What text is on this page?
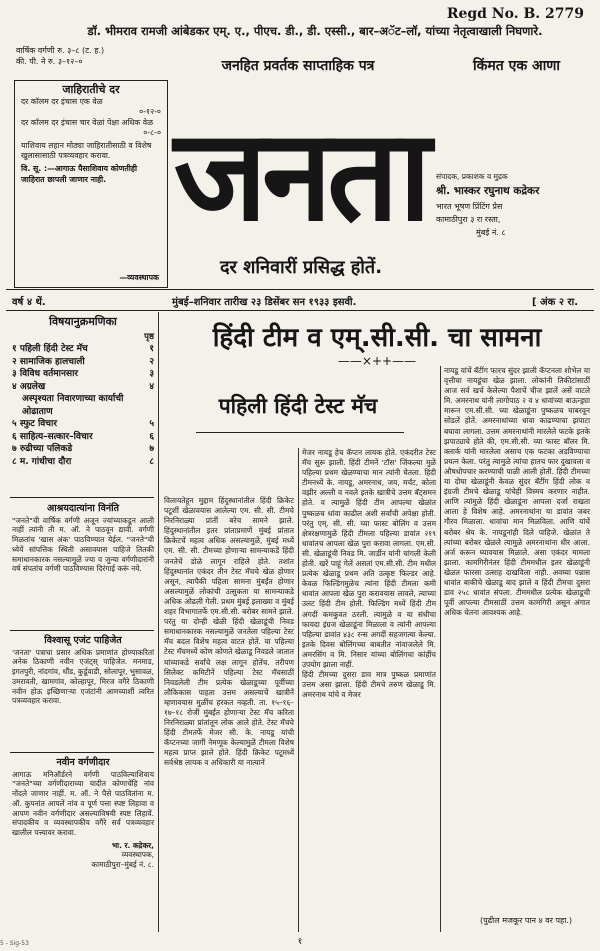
Regd No. B. 2779
डॉ. भीमराव रामजी आंबेडकर एम्. ए., पीएच. डी., डी. एस्सी., बार–अॅट–लॉ, यांच्या नेतृत्वाखाली निघणारे.
वार्षिक वर्गणी रु. ३–८ (ट. ह.)
की. पी. ने रु. ३–१२–०	जनहित प्रवर्तक साप्ताहिक पत्र	किंमत एक आणा
जाहिरातीचे दर
दर कॉलम दर इंचास एक वेळ
०-१२-०
दर कॉलम दर इंचास चार वेळां पेक्षा अधिक वेळ
०-८-०
याशिवाय लहान मोठ्या जाहिरातीसाठी व विशेष खुलासासाठी पत्रव्यवहार करावा.
वि. सू. :—आगाऊ पैसाशिवाय कोणतीही जाहिरात छापली जाणार नाही.
—व्यवस्थापक
जनता
दर शनिवारीं प्रसिद्ध होतें.
संपादक, प्रकाशक व मुद्रक
श्री. भास्कर रघुनाथ कद्रेकर
भारत भूषण प्रिंटिंग प्रेस
कामाठीपुरा ३ रा रस्ता,
मुंबई नं. ८
वर्ष ४ थें.	मुंबई–शनिवार तारीख २३ डिसेंबर सन १९३३ इसवी.	[ अंक २ रा.
विषयानुक्रमणिका
पृष्ठ
१ पहिली हिंदी टेस्ट मॅच	१
२ सामाजिक हालचाली	२
३ विविध वर्तमानसार	३
४ अग्रलेख	४
अस्पृश्यता निवारणाच्या कार्याची ओढाताण
५ स्फुट विचार	५
६ साहित्य–सत्कार–विचार	६
७ रुढीच्या पलिकडे	७
८ म. गांधीचा दौरा	८
आश्रयदात्यांना विनंति
"जनते"ची वार्षिक वर्गणी अजून ज्यांच्याकडून आली नाहीं त्यांनी ती म. ऑ. ने पाठवून द्यावी. वर्गणी मिळतांच 'खास अंक' पाठविण्यात येईल. "जनते"ची ध्येयें सांपत्तिक स्थिती असावयास पाहिजे तितकी समाधानकारक नसल्यामुळें ज्या व जुन्या वर्गणीदारांनी वर्ष संपतांच वर्गणी पाठविण्यास दिरंगाई करूं नये.
विश्वासू एजंट पाहिजेत
'जनता' पत्राचा प्रसार अधिक प्रमाणांत होण्याकरितां अनेक ठिकाणी नवीन एजंट्स् पाहिजेत. मनमाड, इगतपुरी, नांदगांव, धौंड, कुर्डूवाडी, सोलापूर, भुसावळ, उमरावती, खामगांव, कोल्हापूर, मिरज वगैरे ठिकाणी नवीन होऊ इच्छिणाऱ्या एजंटांनी आमच्याशीं त्वरित पत्रव्यवहार करावा.
नवीन वर्गणीदार
आगाऊ मनिऑर्डरने वर्गणी पाठविल्याशिवाय "जनते"च्या वर्गणीदाराच्या यादीत कोणाचेंहि नांव नोंदले जाणार नाहीं. म. ऑ. ने पैसे पाठवितांना म. ऑ. कुपनांत आपलें नांव व पूर्ण पत्ता स्पष्ट लिहावा व आपण नवीन वर्गणीदार असल्याविषयी स्पष्ट लिहावें. संपादकीय व व्यवस्थापकीय वगैरे सर्व पत्रव्यवहार खालील पत्त्यावर करावा.
भा. र. कद्रेकर,
व्यवस्थापक,
कामाठीपुरा–मुंबई नं. ८.
हिंदी टीम व एम्.सी.सी. चा सामना
——×++——
पहिली हिंदी टेस्ट मॅच
विलायतेहून मुद्दाम हिंदुस्थानांतील हिंदी क्रिकेट पटूशीं खेळावयास आलेल्या एम. सी. सी. टीमचे निरनिराळ्या प्रांतीं बरेच सामने झाले. हिंदुस्थानांतील इतर प्रांताप्रमाणें मुंबई प्रांतात क्रिकेटचें महत्व अधिक असल्यामुळें, मुंबई मध्यें एम. सी. सी. टीमच्या होणाऱ्या सामन्याकडें हिंदी जनतेचें डोळे लागून राहिले होते. तशांत हिंदुस्थानांत एकंदर तीन टेस्ट मॅचचे खेळ होणार असून, त्यापैकी पहिला सामना मुंबईंत होणार असल्यामुळें लोकांची उत्सुकता या सामन्याकडे अधिक ओढली गेली. प्रथम मुंबई इलाख्या व मुंबई शहर विभागातर्फे एम.सी.सी. बरोबर सामने झाले. परंतु या दोन्ही खेळी हिंदी खेळाडूंची निवड समाधानकारक नसल्यामुळें जनतेला पहिल्या टेस्ट मॅच बदल विशेष महत्व वाटत होतें. या पहिल्या टेस्ट मॅचमध्यें कोण कोणते खेळाडू निवडले जातात यांच्याकडे सर्वांचे लक्ष लागून होतेंच. तरीपण सिलेक्ट कमिटीनें पहिल्या टेस्ट मॅचसाठीं निवडलेली टीम प्रत्येक खेळाडूच्या पूर्वीच्या लौकिकास पाहता उत्तम असल्याचें खात्रीनें म्हणावयास मुळींच हरकत नव्हती. ता. १५–१६–१७–१८ रोजीं मुंबईंत होणाऱ्या टेस्ट मॅच करिता निरनिराळ्या प्रांतांतून लोक आले होते. टेस्ट मॅचचे हिंदी टीमतर्फे मेजर सी. के. नायडू यांची कॅप्टनच्या जागीं नेमणूक केल्यामुळें टीमला विशेष महत्व प्राप्त झाले होते. हिंदी क्रिकेट पटूमध्यें सर्वश्रेष्ठ लायक व अधिकारी या नात्यानें
मेजर नायडू हेच कॅप्टन लायक होते. एकंदरीत टेस्ट मॅच सुरू झाली. हिंदी टीमनें 'टॉस' जिंकल्या मुळें पहिल्या प्रथम खेळण्याचा मान त्यांनी घेतला. हिंदी टीमनध्यें के. नायडू, अमरनाथ, जय, मर्चंट, कोला वझीर अल्ली व नवले इतके खात्रीचे उत्तम बॅट्समन होते. व त्यामुळें हिंदी टीम आपल्या खेळांत पुष्कळच धांवा काढील अशी सर्वांची अपेक्षा होती. परंतु एम्. सी. सी. च्या फास्ट बोलिंग व उत्तम क्षेत्ररक्षणामुळें हिंदी टीमला पहिल्या डावांत २१९ धावांतच आपला खेळ पुरा करावा लागला. एम.सी. सी. खेळाडूंची निवड मि. जार्डीन यांनी चांगली केली होती. खरें पाहूं गेलें असतां एम.सी.सी. टीम मधील प्रत्येक खेळाडू प्रथम अति उत्कृष्ट फिल्डर आहे. केवळ फिल्डिंगमुळेच त्यांना हिंदी टीमला कमी धावांत आपला खेळ पुरा करावयास लावले, त्याच्या उलट हिंदी टीम होती. फिल्डिंग मध्यें हिंदी टीम अगदीं कमकुवत ठरली. त्यामुळे व या संधीचा फायदा इंग्रज खेळाडूंना मिळाला व त्यांनी आपल्या पहिल्या डावांत ४३८ रन्स अगदीं सहजगत्या केल्या. इतके दिवस बोलिंगच्या बाबतीत नांवाजलेले मि. अमरसिंग व मि. निसार यांच्या बोलिंगचा कांहींच उपयोग झाला नाहीं.
हिंदी टीमच्या दुसरा डाव मात्र पुष्कळ प्रमाणांत उत्तम असा झाला. हिंदी टीमचे तरुण खेळाडू मि. अमरनाथ यांचे व मेजर
नायडू यांचें बॅटींग फारच सुंदर झाली कॅप्टनला शोभेल या वृत्तीचा नायडूंचा खेळ झाला. लोकांनी तिकीटांसाठीं आज सर्व खर्च केलेल्या पैशाचें चीज झालें असें वाटले मि. अमरनाथ यांनी लागोपाठ २ व ४ धावांच्या बाऊन्ड्र्या मारून एम.सी.सी. च्या खेळाडूंना पुष्कळच घाबरवून सोडलें होतें. अमरनाथांच्या धावा काढण्याचा झपाटा बघावा लागला. उत्तम अमरनाथांनी मारलेले फटके इतके झपाट्याचे होते की, एम.सी.सी. च्या फास्ट बॉलर मि. क्लार्क यांनी मारलेला असाच एक फटका अडविण्याचा प्रयत्न केला. परंतु त्यामुळे त्यांचा हातच फार दुखावला व औषधोपचार करण्याची पाळी आली होती. हिंदी टीमच्या या दोघा खेळाडूंनी केवळ सुंदर बॅटींग हिंदी लोक व इंग्रजी टीमचे खेळाडू यांचेही विस्मय करणार नाहीत. आणि त्यांमुळे हिंदी खेळाडूंना आपला दर्जा राखता आला हे विशेष आहे. अमरनाथांना या डावांत जबर गौरव मिळाला. धावांचा मान मिळविला. आणि यांचें बरोबर श्रेय के. नायडूनांही दिले पाहिजे. खेळांत ते त्यांच्या बरोबर खेळले त्यामुळे अमरनाथांना धीर आला. अर्ज करून घ्यावयास मिळाले. असा एकंदर मामला झाला. कामगिरीनंतर हिंदी टीममधील इतर खेळाडूंनी खेळत फारसा उत्साह दाखविला नाही. अवघ्या पन्नास धावांत बाकीचे खेळाडू बाद झाले व हिंदी टीमचा दुसरा डाव २५८ धावांत संपला. टीममधील प्रत्येक खेळाडूची पूर्वी आपल्या टीमसाठीं उत्तम कामगिरी असून अंगात अधिक चेतना आवश्यक आहे.
(पुढील मजकूर पान ४ वर पहा.)
१
5 - Sig-53
